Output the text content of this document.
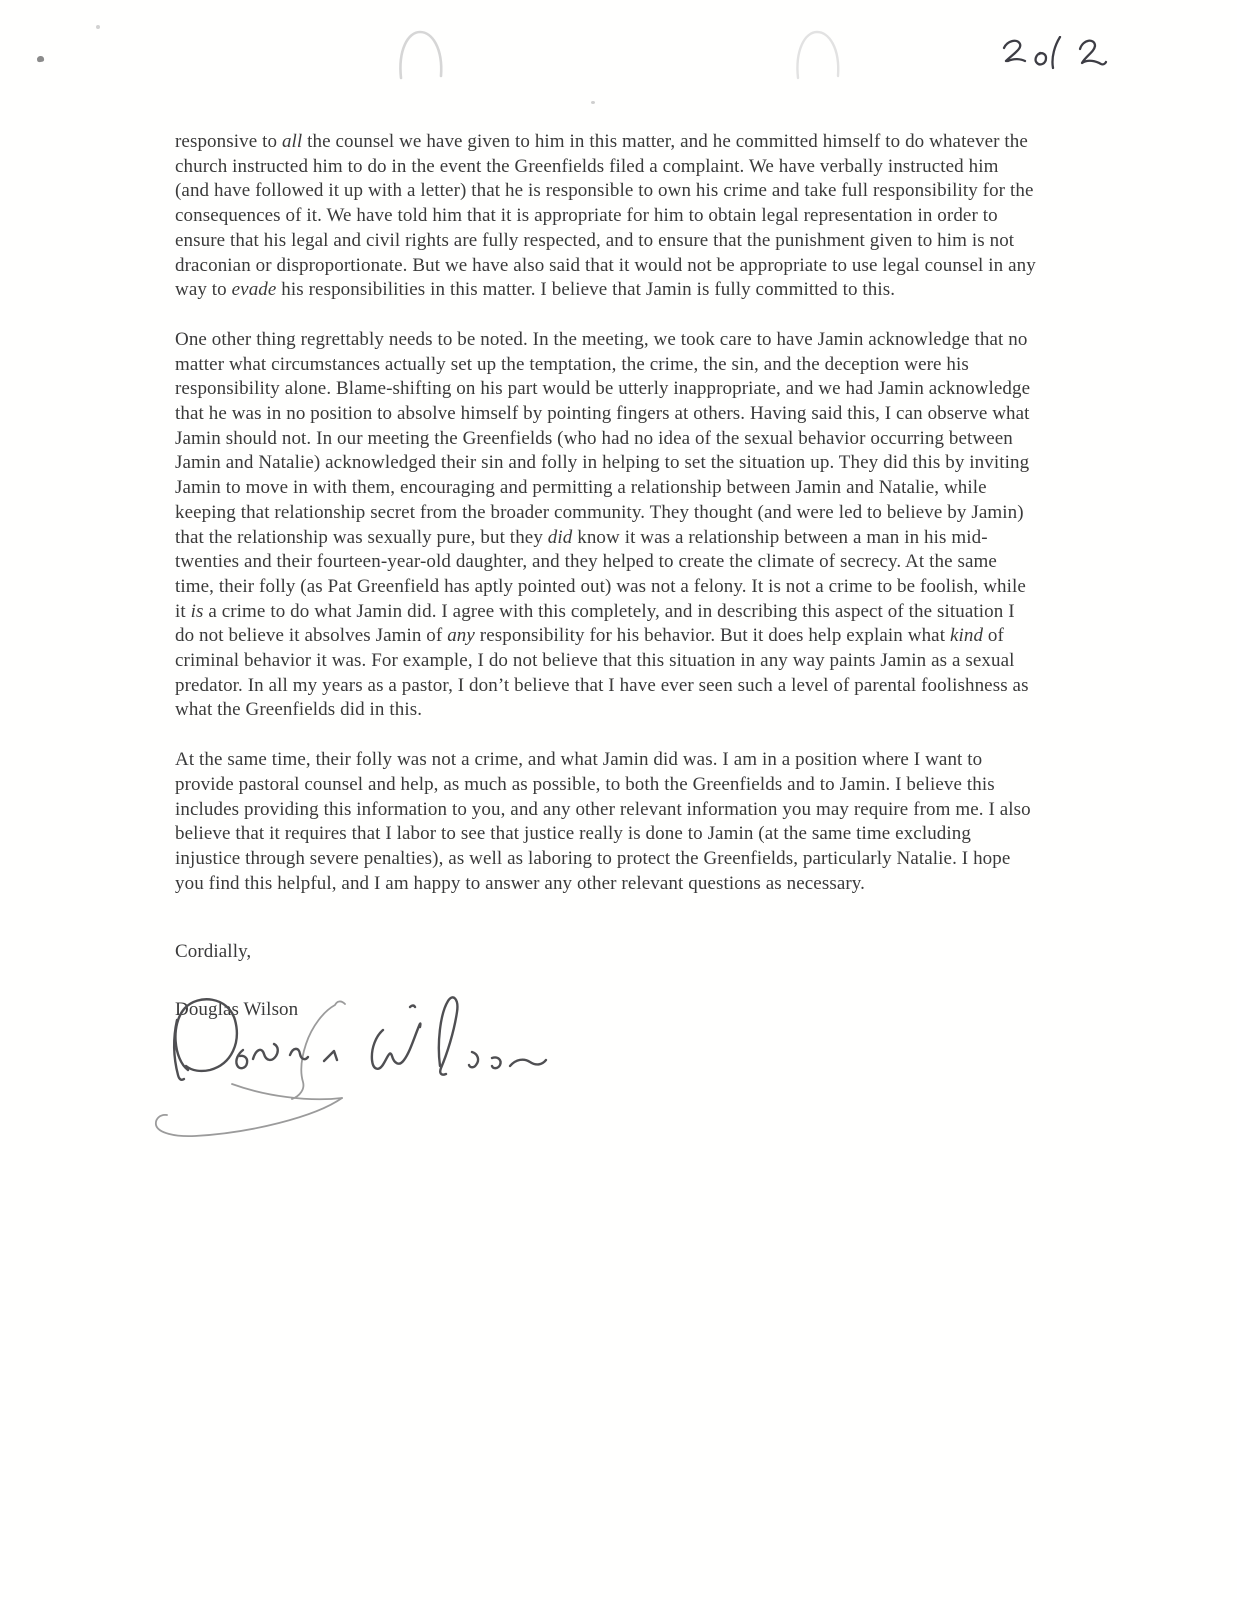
responsive to all the counsel we have given to him in this matter, and he committed himself to do whatever the church instructed him to do in the event the Greenfields filed a complaint. We have verbally instructed him (and have followed it up with a letter) that he is responsible to own his crime and take full responsibility for the consequences of it. We have told him that it is appropriate for him to obtain legal representation in order to ensure that his legal and civil rights are fully respected, and to ensure that the punishment given to him is not draconian or disproportionate. But we have also said that it would not be appropriate to use legal counsel in any way to evade his responsibilities in this matter. I believe that Jamin is fully committed to this.

One other thing regrettably needs to be noted. In the meeting, we took care to have Jamin acknowledge that no matter what circumstances actually set up the temptation, the crime, the sin, and the deception were his responsibility alone. Blame-shifting on his part would be utterly inappropriate, and we had Jamin acknowledge that he was in no position to absolve himself by pointing fingers at others. Having said this, I can observe what Jamin should not. In our meeting the Greenfields (who had no idea of the sexual behavior occurring between Jamin and Natalie) acknowledged their sin and folly in helping to set the situation up. They did this by inviting Jamin to move in with them, encouraging and permitting a relationship between Jamin and Natalie, while keeping that relationship secret from the broader community. They thought (and were led to believe by Jamin) that the relationship was sexually pure, but they did know it was a relationship between a man in his mid-twenties and their fourteen-year-old daughter, and they helped to create the climate of secrecy. At the same time, their folly (as Pat Greenfield has aptly pointed out) was not a felony. It is not a crime to be foolish, while it is a crime to do what Jamin did. I agree with this completely, and in describing this aspect of the situation I do not believe it absolves Jamin of any responsibility for his behavior. But it does help explain what kind of criminal behavior it was. For example, I do not believe that this situation in any way paints Jamin as a sexual predator. In all my years as a pastor, I don’t believe that I have ever seen such a level of parental foolishness as what the Greenfields did in this.

At the same time, their folly was not a crime, and what Jamin did was. I am in a position where I want to provide pastoral counsel and help, as much as possible, to both the Greenfields and to Jamin. I believe this includes providing this information to you, and any other relevant information you may require from me. I also believe that it requires that I labor to see that justice really is done to Jamin (at the same time excluding injustice through severe penalties), as well as laboring to protect the Greenfields, particularly Natalie. I hope you find this helpful, and I am happy to answer any other relevant questions as necessary.

Cordially,

Douglas Wilson
